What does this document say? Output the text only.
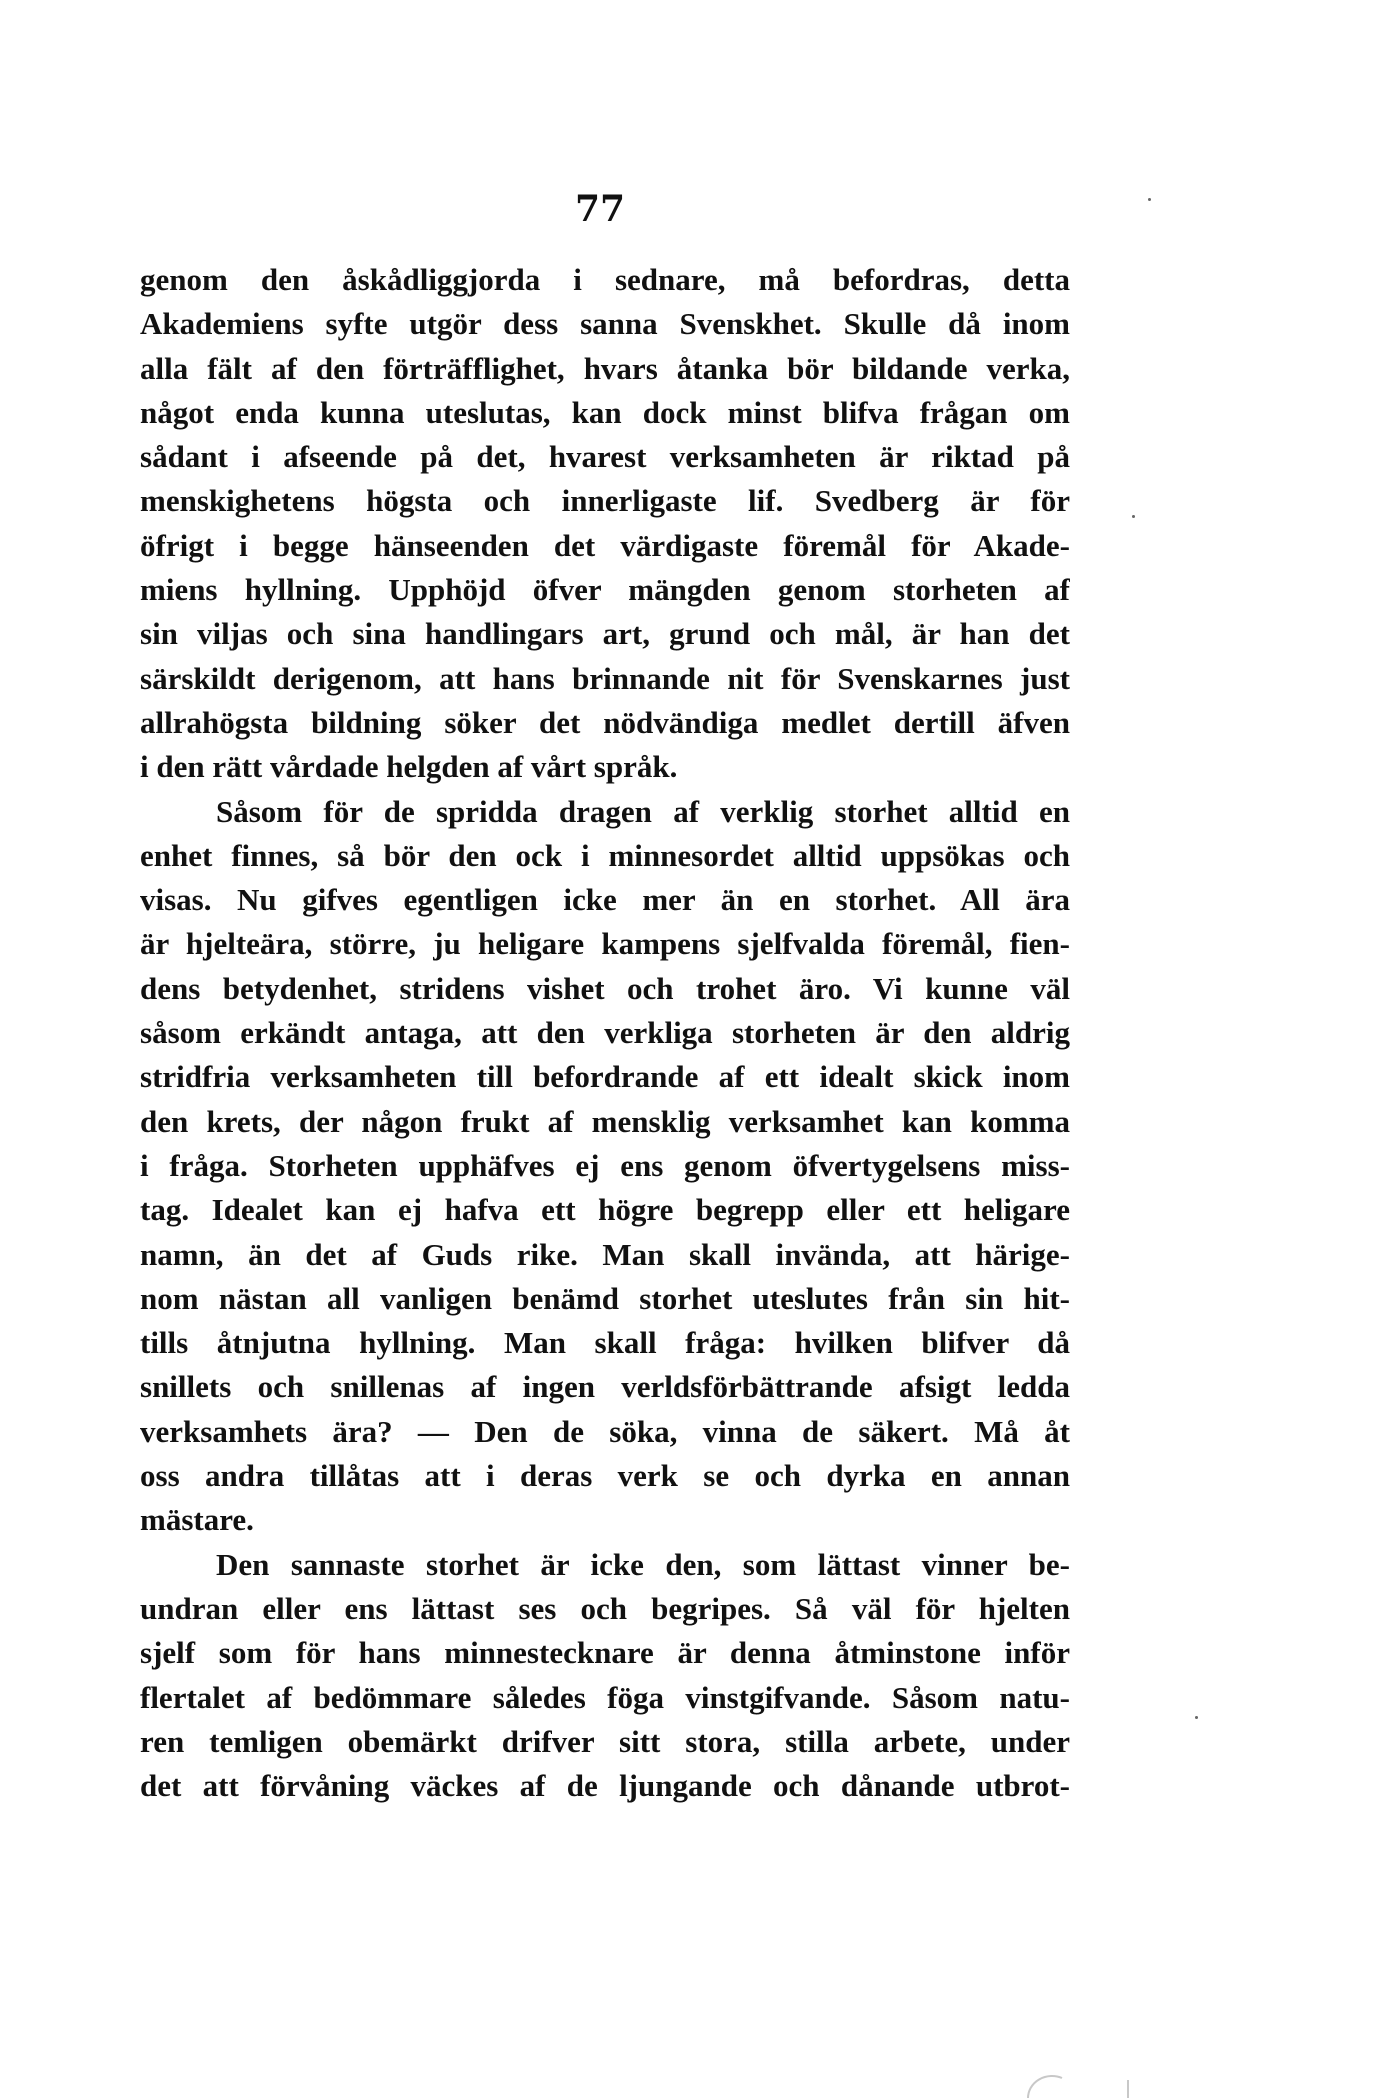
77
genom den åskådliggjorda i sednare, må befordras, detta
Akademiens syfte utgör dess sanna Svenskhet. Skulle då inom
alla fält af den förträfflighet, hvars åtanka bör bildande verka,
något enda kunna uteslutas, kan dock minst blifva frågan om
sådant i afseende på det, hvarest verksamheten är riktad på
menskighetens högsta och innerligaste lif. Svedberg är för
öfrigt i begge hänseenden det värdigaste föremål för Akade-
miens hyllning. Upphöjd öfver mängden genom storheten af
sin viljas och sina handlingars art, grund och mål, är han det
särskildt derigenom, att hans brinnande nit för Svenskarnes just
allrahögsta bildning söker det nödvändiga medlet dertill äfven
i den rätt vårdade helgden af vårt språk.
Såsom för de spridda dragen af verklig storhet alltid en
enhet finnes, så bör den ock i minnesordet alltid uppsökas och
visas. Nu gifves egentligen icke mer än en storhet. All ära
är hjelteära, större, ju heligare kampens sjelfvalda föremål, fien-
dens betydenhet, stridens vishet och trohet äro. Vi kunne väl
såsom erkändt antaga, att den verkliga storheten är den aldrig
stridfria verksamheten till befordrande af ett idealt skick inom
den krets, der någon frukt af mensklig verksamhet kan komma
i fråga. Storheten upphäfves ej ens genom öfvertygelsens miss-
tag. Idealet kan ej hafva ett högre begrepp eller ett heligare
namn, än det af Guds rike. Man skall invända, att härige-
nom nästan all vanligen benämd storhet uteslutes från sin hit-
tills åtnjutna hyllning. Man skall fråga: hvilken blifver då
snillets och snillenas af ingen verldsförbättrande afsigt ledda
verksamhets ära? — Den de söka, vinna de säkert. Må åt
oss andra tillåtas att i deras verk se och dyrka en annan
mästare.
Den sannaste storhet är icke den, som lättast vinner be-
undran eller ens lättast ses och begripes. Så väl för hjelten
sjelf som för hans minnestecknare är denna åtminstone inför
flertalet af bedömmare således föga vinstgifvande. Såsom natu-
ren temligen obemärkt drifver sitt stora, stilla arbete, under
det att förvåning väckes af de ljungande och dånande utbrot-
